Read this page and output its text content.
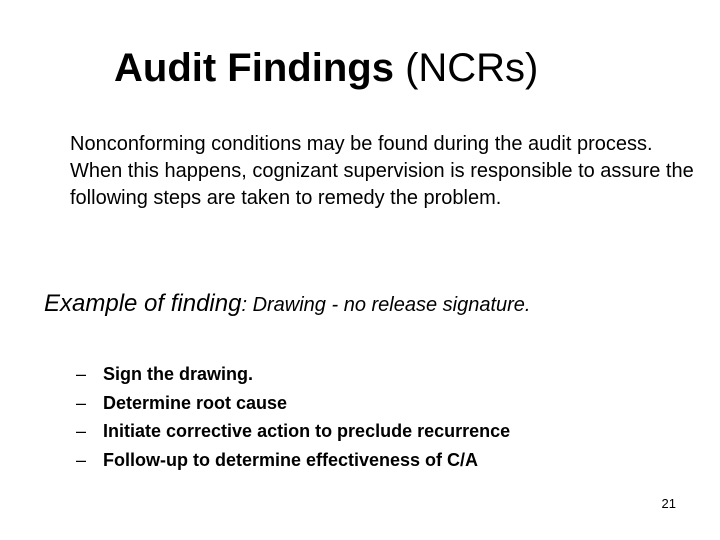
Audit Findings (NCRs)
Nonconforming conditions may be found during the audit process. When this happens, cognizant supervision is responsible to assure the following steps are taken to remedy the problem.
Example of finding: Drawing - no release signature.
– Sign the drawing.
– Determine root cause
– Initiate corrective action to preclude recurrence
– Follow-up to determine effectiveness of C/A
21
